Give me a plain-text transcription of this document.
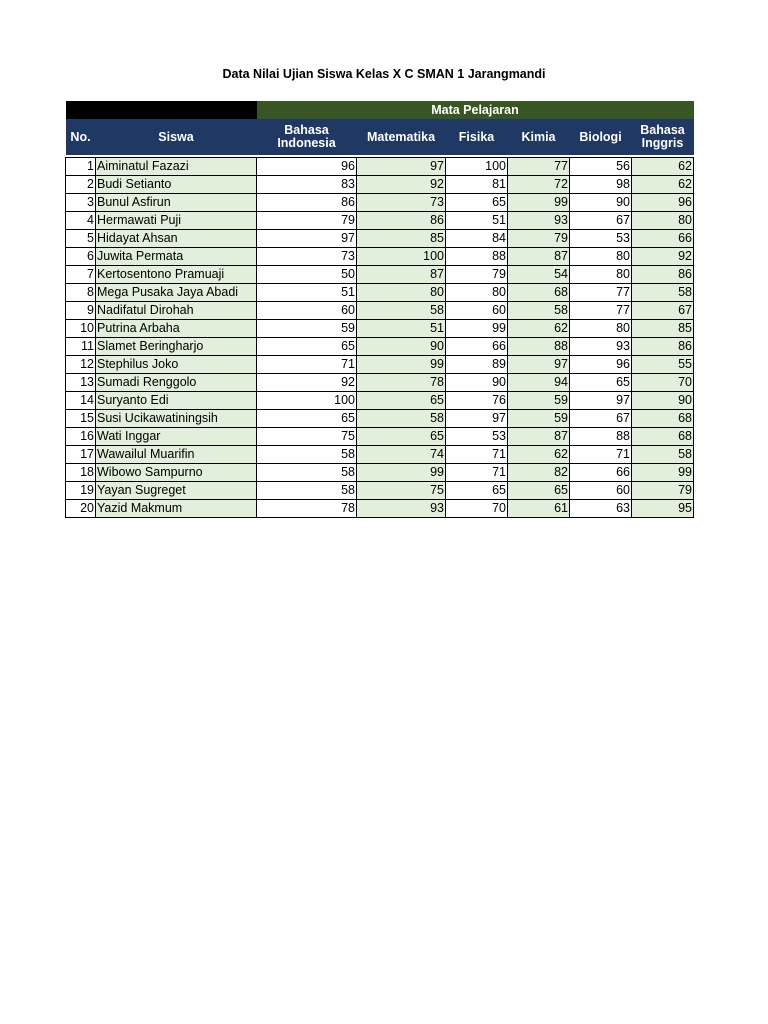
Data Nilai Ujian Siswa Kelas X C SMAN 1 Jarangmandi
		Mata Pelajaran					
No.	Siswa	Bahasa Indonesia	Matematika	Fisika	Kimia	Biologi	Bahasa Inggris

1	Aiminatul Fazazi	96	97	100	77	56	62
2	Budi Setianto	83	92	81	72	98	62
3	Bunul Asfirun	86	73	65	99	90	96
4	Hermawati Puji	79	86	51	93	67	80
5	Hidayat Ahsan	97	85	84	79	53	66
6	Juwita Permata	73	100	88	87	80	92
7	Kertosentono Pramuaji	50	87	79	54	80	86
8	Mega Pusaka Jaya Abadi	51	80	80	68	77	58
9	Nadifatul Dirohah	60	58	60	58	77	67
10	Putrina Arbaha	59	51	99	62	80	85
11	Slamet Beringharjo	65	90	66	88	93	86
12	Stephilus Joko	71	99	89	97	96	55
13	Sumadi Renggolo	92	78	90	94	65	70
14	Suryanto Edi	100	65	76	59	97	90
15	Susi Ucikawatiningsih	65	58	97	59	67	68
16	Wati Inggar	75	65	53	87	88	68
17	Wawailul Muarifin	58	74	71	62	71	58
18	Wibowo Sampurno	58	99	71	82	66	99
19	Yayan Sugreget	58	75	65	65	60	79
20	Yazid Makmum	78	93	70	61	63	95
